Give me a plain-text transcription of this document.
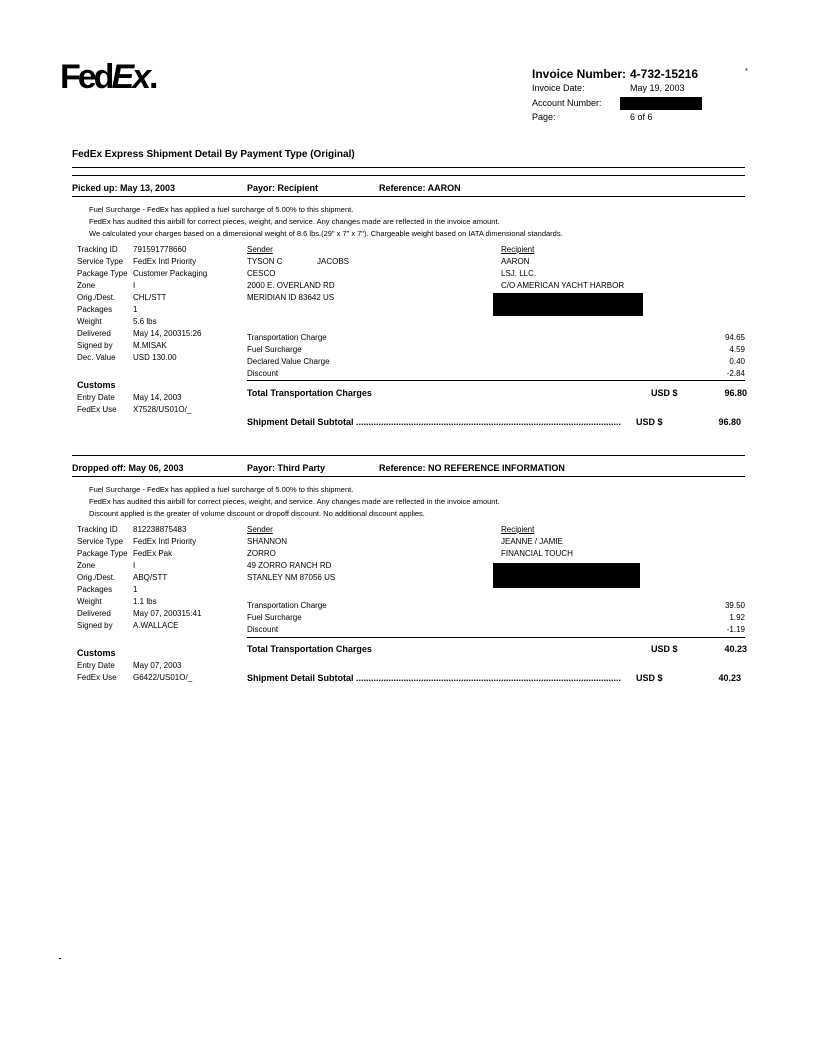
FedEx.	*
Invoice Number: 4-732-15216
Invoice Date:	May 19, 2003
Account Number:
Page:	6 of 6
FedEx Express Shipment Detail By Payment Type (Original)
Picked up: May 13, 2003	Payor: Recipient	Reference: AARON
Fuel Surcharge - FedEx has applied a fuel surcharge of 5.00% to this shipment.
FedEx has audited this airbill for correct pieces, weight, and service. Any changes made are reflected in the invoice amount.
We calculated your charges based on a dimensional weight of 8.6 lbs.(29" x 7" x 7"). Chargeable weight based on IATA dimensional standards.
Tracking ID 791591778660
Service Type FedEx Intl Priority
Package Type Customer Packaging
Zone	I
Orig./Dest. CHL/STT
Packages	1
Weight	5.6 lbs
Delivered	May 14, 200315:26
Signed by	M.MISAK
Dec. Value USD 130.00
Customs
Entry Date May 14, 2003
FedEx Use X7528/US01O/_
Sender
TYSON C	JACOBS
CESCO
2000 E. OVERLAND RD
MERIDIAN ID 83642 US
Recipient
AARON
LSJ. LLC.
C/O AMERICAN YACHT HARBOR
Transportation Charge	94.65
Fuel Surcharge	4.59
Declared Value Charge	0.40
Discount	-2.84
Total Transportation Charges	USD $	96.80
Shipment Detail Subtotal ..........................................................................................................	USD $	96.80
Dropped off: May 06, 2003	Payor: Third Party	Reference: NO REFERENCE INFORMATION
Fuel Surcharge - FedEx has applied a fuel surcharge of 5.00% to this shipment.
FedEx has audited this airbill for correct pieces, weight, and service. Any changes made are reflected in the invoice amount.
Discount applied is the greater of volume discount or dropoff discount. No additional discount applies.
Tracking ID 812238875483
Service Type FedEx Intl Priority
Package Type FedEx Pak
Zone	I
Orig./Dest. ABQ/STT
Packages	1
Weight	1.1 lbs
Delivered	May 07, 200315:41
Signed by	A.WALLACE
Customs
Entry Date May 07, 2003
FedEx Use G6422/US01O/_
Sender
SHANNON
ZORRO
49 ZORRO RANCH RD
STANLEY NM 87056 US
Recipient
JEANNE / JAMIE
FINANCIAL TOUCH
Transportation Charge	39.50
Fuel Surcharge	1.92
Discount	-1.19
Total Transportation Charges	USD $	40.23
Shipment Detail Subtotal ..........................................................................................................	USD $	40.23
